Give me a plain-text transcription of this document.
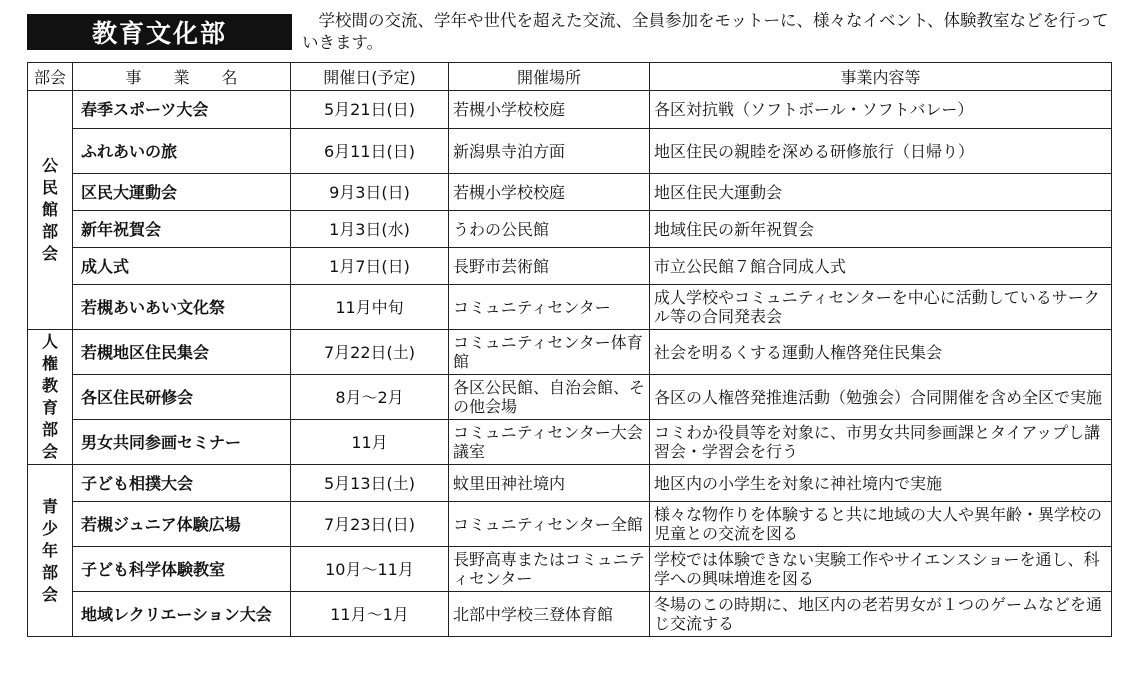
教育文化部	学校間の交流、学年や世代を超えた交流、全員参加をモットーに、様々なイベント、体験教室などを行っていきます。
部会	事　　業　　名	開催日(予定)	開催場所	事業内容等
公民館部会	春季スポーツ大会	5月21日(日)	若槻小学校校庭	各区対抗戦（ソフトボール・ソフトバレー）
	ふれあいの旅	6月11日(日)	新潟県寺泊方面	地区住民の親睦を深める研修旅行（日帰り）
	区民大運動会	9月3日(日)	若槻小学校校庭	地区住民大運動会
	新年祝賀会	1月3日(水)	うわの公民館	地域住民の新年祝賀会
	成人式	1月7日(日)	長野市芸術館	市立公民館７館合同成人式
	若槻あいあい文化祭	11月中旬	コミュニティセンター	成人学校やコミュニティセンターを中心に活動しているサークル等の合同発表会
人権教育部会	若槻地区住民集会	7月22日(土)	コミュニティセンター体育館	社会を明るくする運動人権啓発住民集会
	各区住民研修会	8月～2月	各区公民館、自治会館、その他会場	各区の人権啓発推進活動（勉強会）合同開催を含め全区で実施
	男女共同参画セミナー	11月	コミュニティセンター大会議室	コミわか役員等を対象に、市男女共同参画課とタイアップし講習会・学習会を行う
青少年部会	子ども相撲大会	5月13日(土)	蚊里田神社境内	地区内の小学生を対象に神社境内で実施
	若槻ジュニア体験広場	7月23日(日)	コミュニティセンター全館	様々な物作りを体験すると共に地域の大人や異年齢・異学校の児童との交流を図る
	子ども科学体験教室	10月～11月	長野高専またはコミュニティセンター	学校では体験できない実験工作やサイエンスショーを通し、科学への興味増進を図る
	地域レクリエーション大会	11月～1月	北部中学校三登体育館	冬場のこの時期に、地区内の老若男女が１つのゲームなどを通じ交流する
